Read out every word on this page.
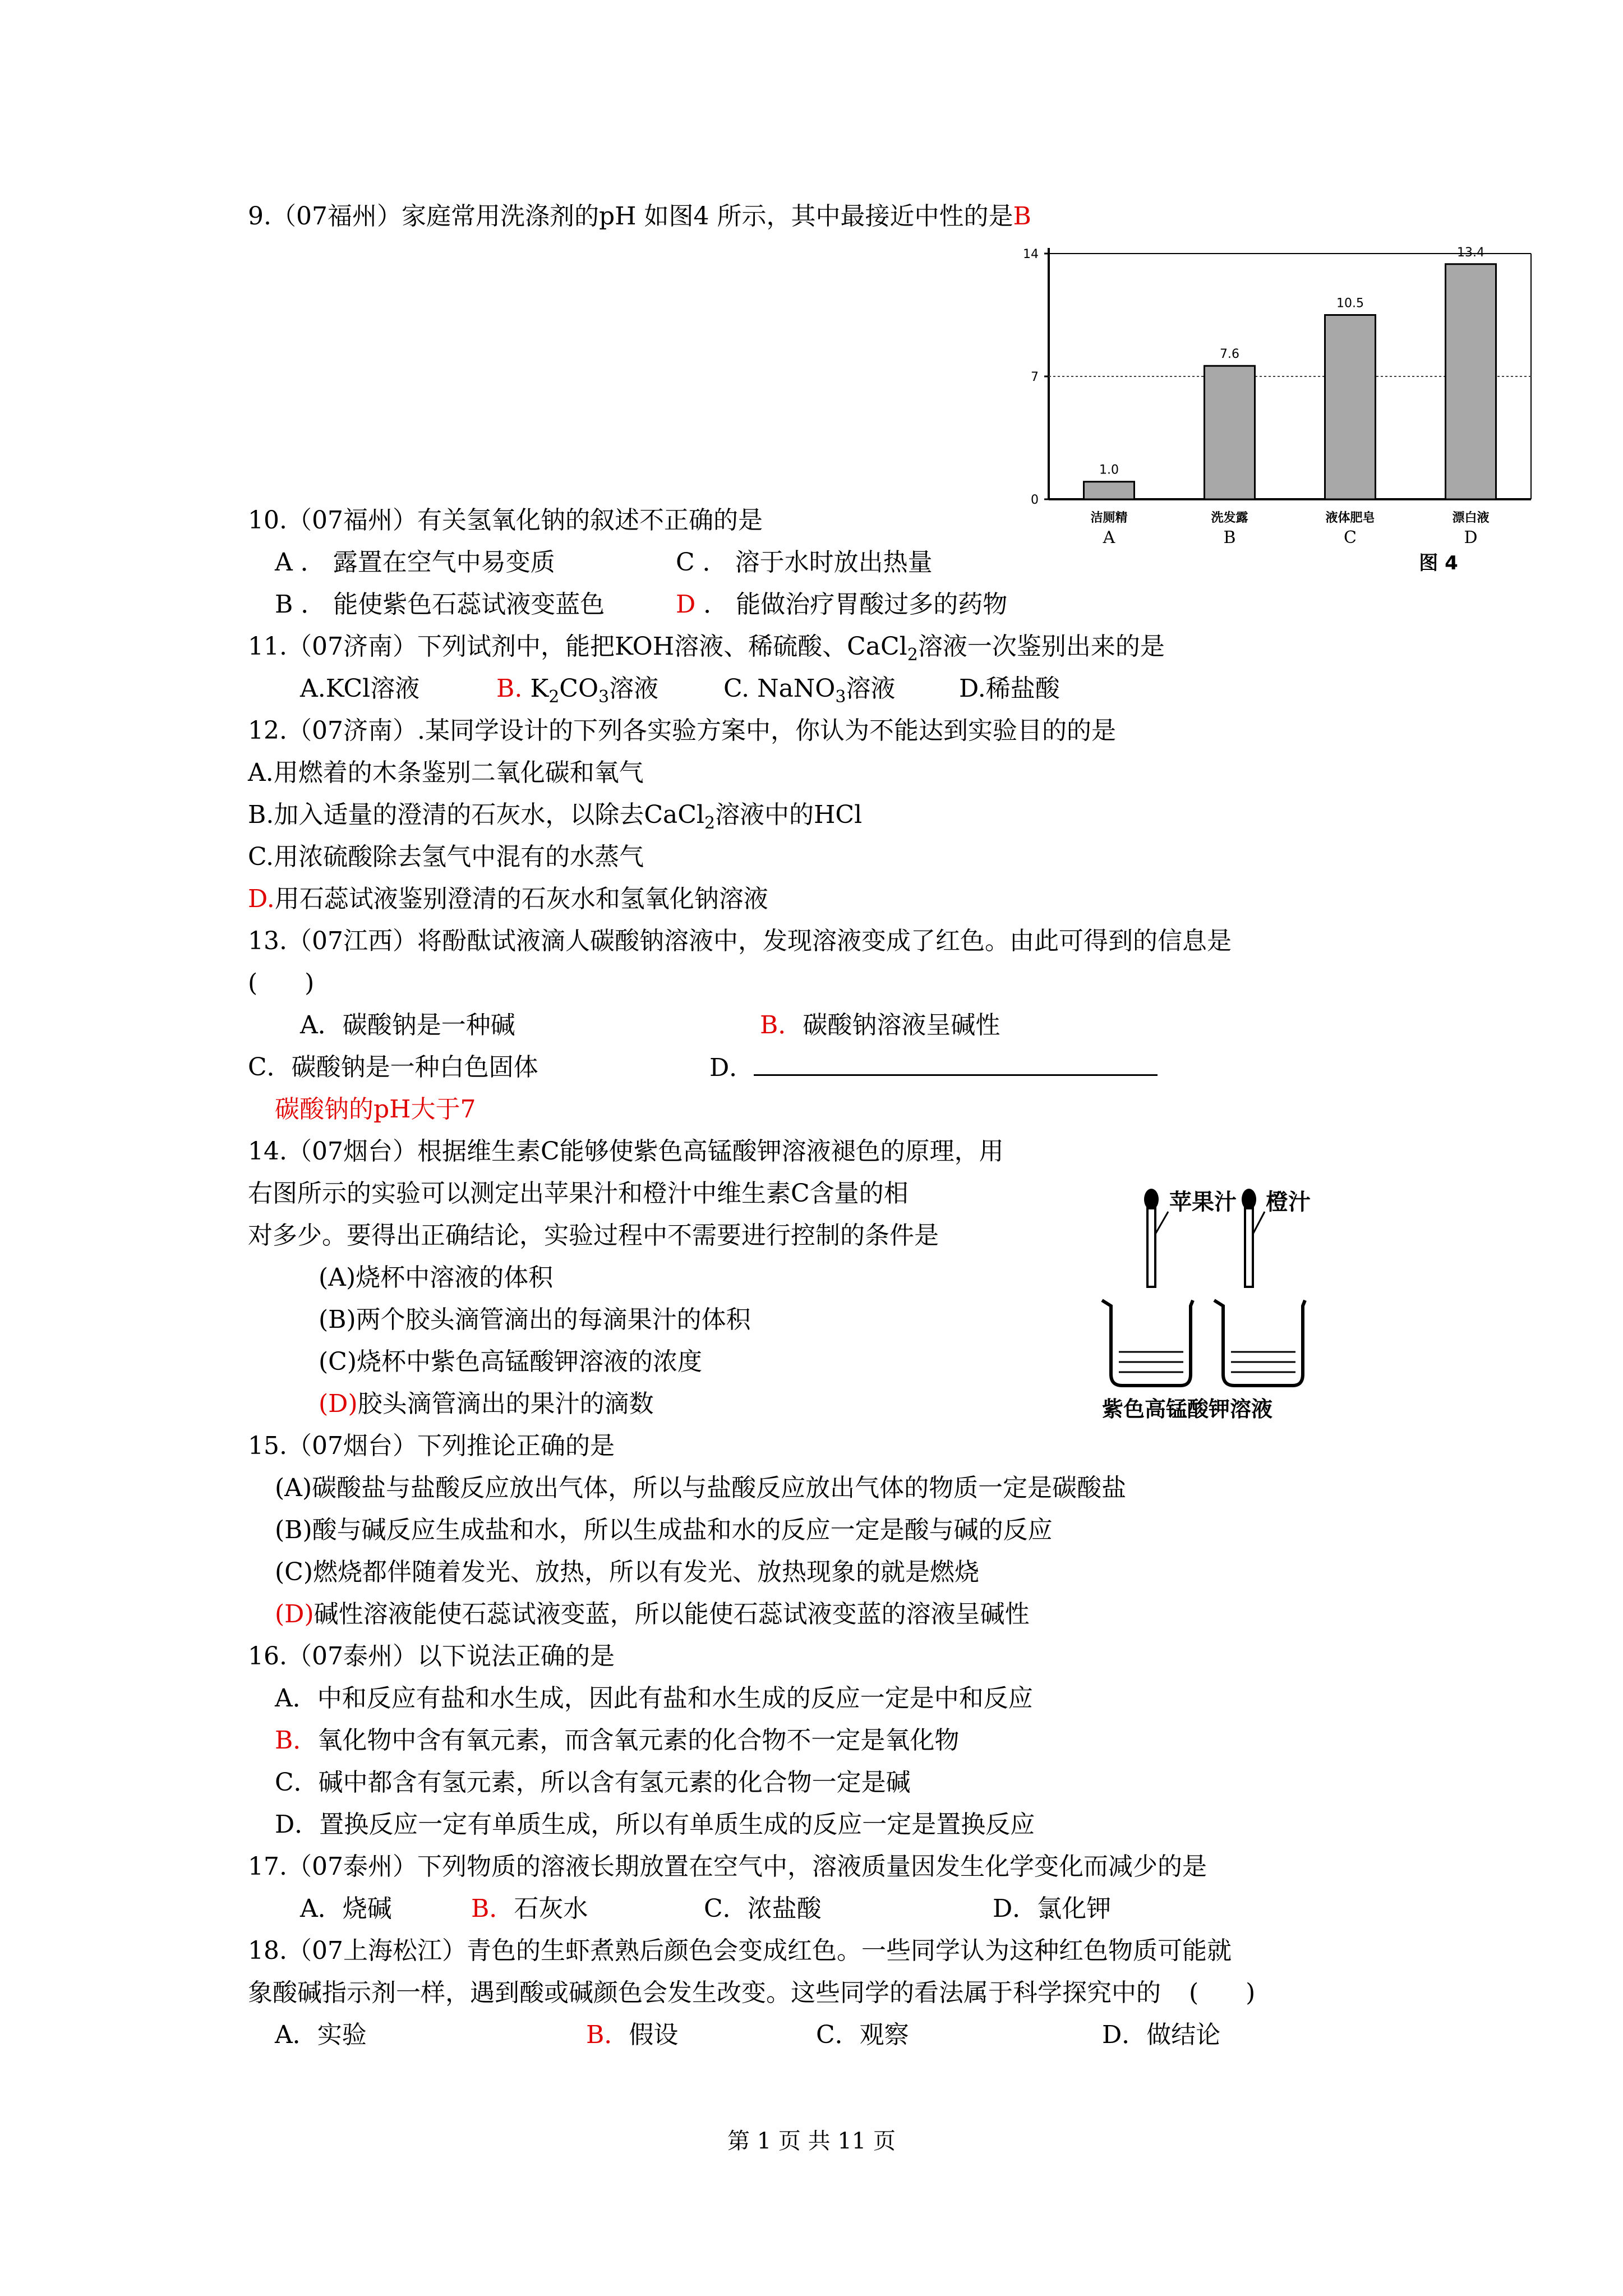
9.（07福州）家庭常用洗涤剂的pH 如图4 所示，其中最接近中性的是B
0
7
14
1.0
洁厕精
A
7.6
洗发露
B
10.5
液体肥皂
C
13.4
漂白液
D
图 4
10.（07福州）有关氢氧化钠的叙述不正确的是
A ． 露置在空气中易变质	C ． 溶于水时放出热量
B ． 能使紫色石蕊试液变蓝色	D ． 能做治疗胃酸过多的药物
11.（07济南）下列试剂中，能把KOH溶液、稀硫酸、CaCl$_2$溶液一次鉴别出来的是
A.KCl溶液	B. $K_2CO_3$溶液	C. NaNO$_3$溶液	D.稀盐酸
12.（07济南）.某同学设计的下列各实验方案中，你认为不能达到实验目的的是
A.用燃着的木条鉴别二氧化碳和氧气
B.加入适量的澄清的石灰水，以除去CaCl$_2$溶液中的HCl
C.用浓硫酸除去氢气中混有的水蒸气
D.用石蕊试液鉴别澄清的石灰水和氢氧化钠溶液
13.（07江西）将酚酞试液滴人碳酸钠溶液中，发现溶液变成了红色。由此可得到的信息是
(      )
A．碳酸钠是一种碱	B．碳酸钠溶液呈碱性
C．碳酸钠是一种白色固体	D．
碳酸钠的pH大于7
14.（07烟台）根据维生素C能够使紫色高锰酸钾溶液褪色的原理，用
右图所示的实验可以测定出苹果汁和橙汁中维生素C含量的相
对多少。要得出正确结论，实验过程中不需要进行控制的条件是
(A)烧杯中溶液的体积
(B)两个胶头滴管滴出的每滴果汁的体积
(C)烧杯中紫色高锰酸钾溶液的浓度
(D)胶头滴管滴出的果汁的滴数
苹果汁 橙汁
紫色高锰酸钾溶液
15.（07烟台）下列推论正确的是
(A)碳酸盐与盐酸反应放出气体，所以与盐酸反应放出气体的物质一定是碳酸盐
(B)酸与碱反应生成盐和水，所以生成盐和水的反应一定是酸与碱的反应
(C)燃烧都伴随着发光、放热，所以有发光、放热现象的就是燃烧
(D)碱性溶液能使石蕊试液变蓝，所以能使石蕊试液变蓝的溶液呈碱性
16.（07泰州）以下说法正确的是
A．中和反应有盐和水生成，因此有盐和水生成的反应一定是中和反应
B．氧化物中含有氧元素，而含氧元素的化合物不一定是氧化物
C．碱中都含有氢元素，所以含有氢元素的化合物一定是碱
D．置换反应一定有单质生成，所以有单质生成的反应一定是置换反应
17.（07泰州）下列物质的溶液长期放置在空气中，溶液质量因发生化学变化而减少的是
A．烧碱	B．石灰水	C．浓盐酸	D．氯化钾
18.（07上海松江）青色的生虾煮熟后颜色会变成红色。一些同学认为这种红色物质可能就
象酸碱指示剂一样，遇到酸或碱颜色会发生改变。这些同学的看法属于科学探究中的 (      )
A．实验	B．假设	C．观察	D．做结论
第 1 页 共 11 页
